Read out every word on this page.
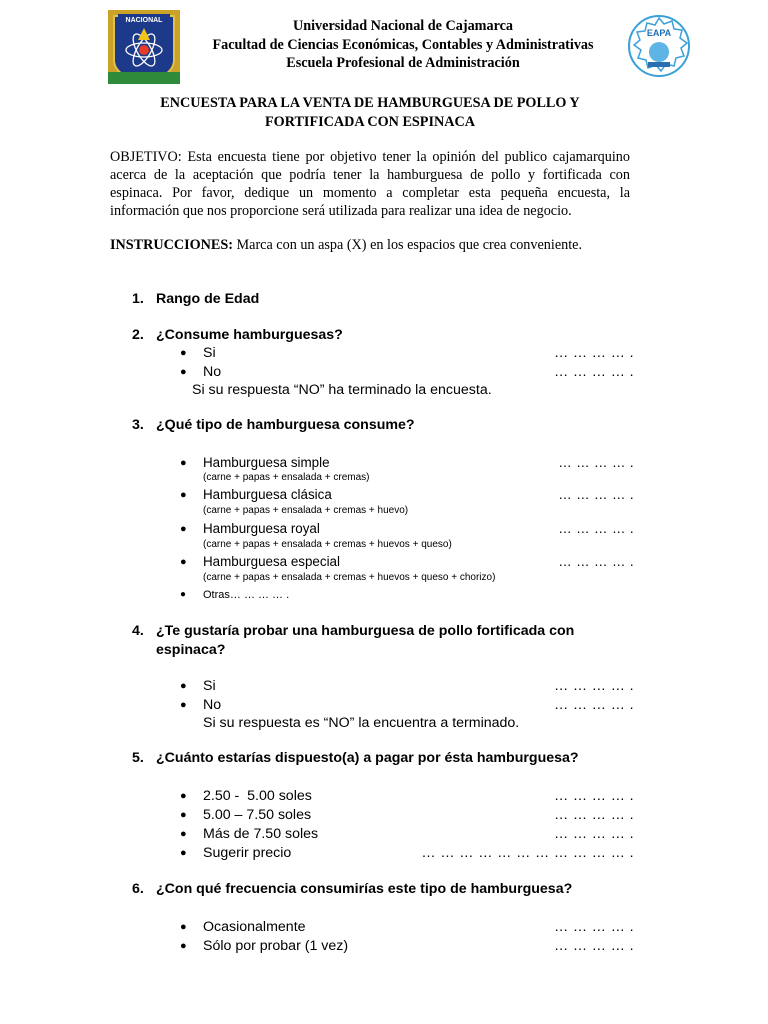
NACIONAL
EAPA
Universidad Nacional de Cajamarca
Facultad de Ciencias Económicas, Contables y Administrativas
Escuela Profesional de Administración
ENCUESTA PARA LA VENTA DE HAMBURGUESA DE POLLO Y
FORTIFICADA CON ESPINACA
OBJETIVO: Esta encuesta tiene por objetivo tener la opinión del publico cajamarquino acerca de la aceptación que podría tener la hamburguesa de pollo y fortificada con espinaca. Por favor, dedique un momento a completar esta pequeña encuesta, la información que nos proporcione será utilizada para realizar una idea de negocio.
INSTRUCCIONES: Marca con un aspa (X) en los espacios que crea conveniente.
1. Rango de Edad
2. ¿Consume hamburguesas?
● Si	… … … … .
● No	… … … … .
Si su respuesta “NO” ha terminado la encuesta.
3. ¿Qué tipo de hamburguesa consume?
● Hamburguesa simple	… … … … .
(carne + papas + ensalada + cremas)
● Hamburguesa clásica	… … … … .
(carne + papas + ensalada + cremas + huevo)
● Hamburguesa royal	… … … … .
(carne + papas + ensalada + cremas + huevos + queso)
● Hamburguesa especial	… … … … .
(carne + papas + ensalada + cremas + huevos + queso + chorizo)
● Otras… … … … .
4. ¿Te gustaría probar una hamburguesa de pollo fortificada con espinaca?
● Si	… … … … .
● No	… … … … .
Si su respuesta es “NO” la encuentra a terminado.
5. ¿Cuánto estarías dispuesto(a) a pagar por ésta hamburguesa?
● 2.50 -  5.00 soles	… … … … .
● 5.00 – 7.50 soles	… … … … .
● Más de 7.50 soles	… … … … .
● Sugerir precio	… … … … … … … … … … … .
6. ¿Con qué frecuencia consumirías este tipo de hamburguesa?
● Ocasionalmente	… … … … .
● Sólo por probar (1 vez)	… … … … .
